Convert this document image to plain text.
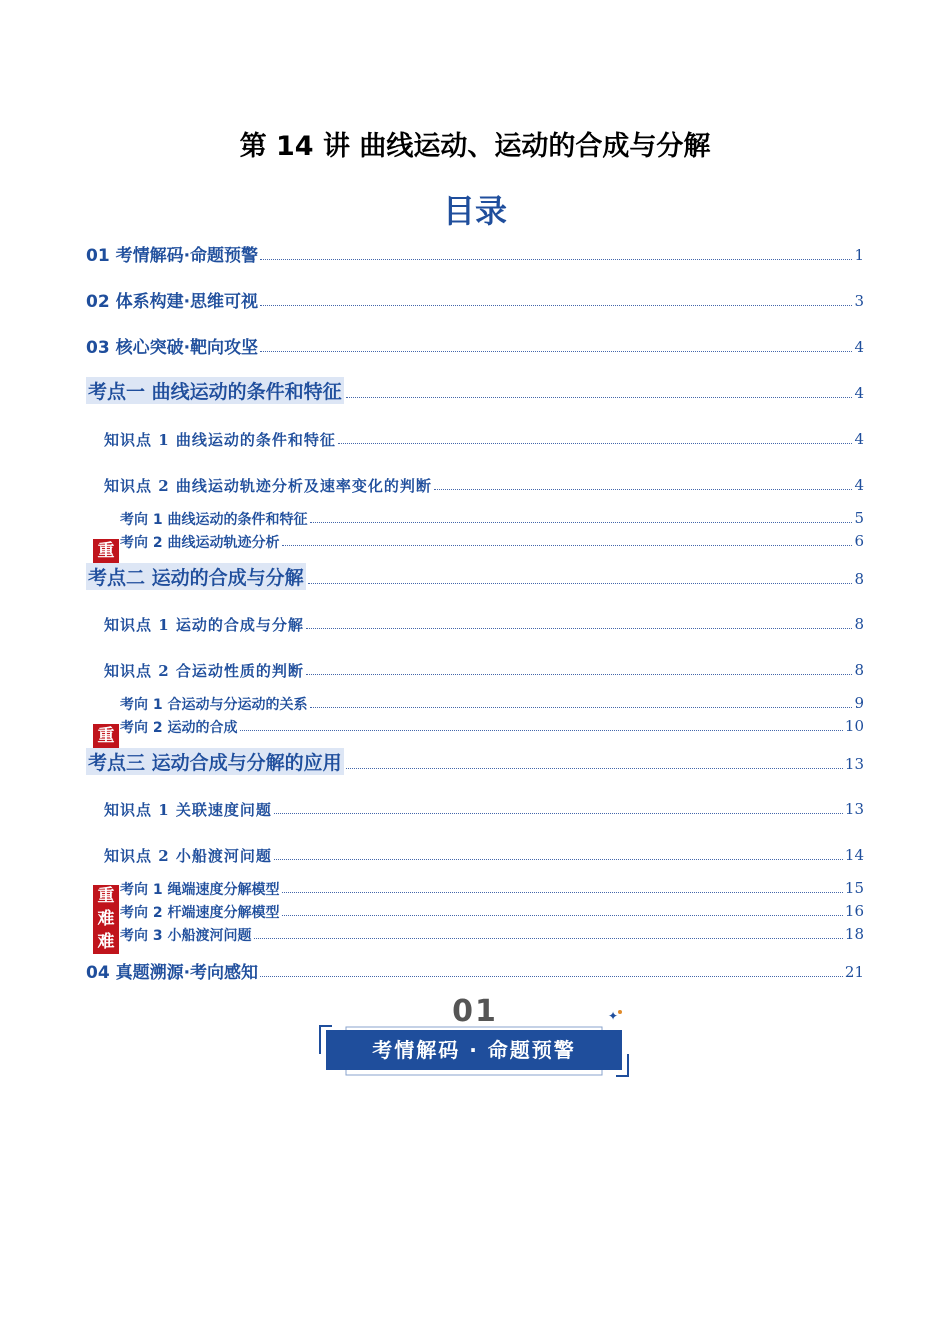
第 14 讲 曲线运动、运动的合成与分解
目录
01 考情解码·命题预警	1
02 体系构建·思维可视	3
03 核心突破·靶向攻坚	4
考点一 曲线运动的条件和特征	4
知识点 1 曲线运动的条件和特征	4
知识点 2 曲线运动轨迹分析及速率变化的判断	4
考向 1 曲线运动的条件和特征	5
考向 2 曲线运动轨迹分析	6
重
考点二 运动的合成与分解	8
知识点 1 运动的合成与分解	8
知识点 2 合运动性质的判断	8
考向 1 合运动与分运动的关系	9
考向 2 运动的合成	10
重
考点三 运动合成与分解的应用	13
知识点 1 关联速度问题	13
知识点 2 小船渡河问题	14
考向 1 绳端速度分解模型	15
考向 2 杆端速度分解模型	16
考向 3 小船渡河问题	18
重
难
难
04 真题溯源·考向感知	21
01	✦
考情解码 · 命题预警
